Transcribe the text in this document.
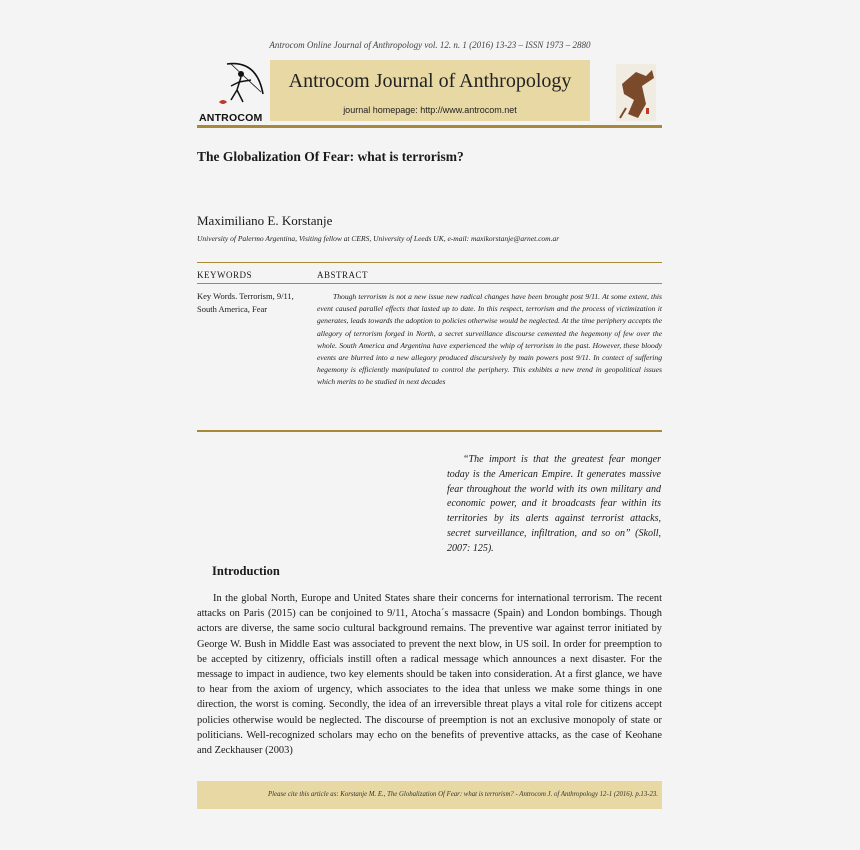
Antrocom Online Journal of Anthropology vol. 12. n. 1 (2016) 13-23 – ISSN 1973 – 2880
ANTROCOM
Antrocom Journal of Anthropology
journal homepage: http://www.antrocom.net
The Globalization Of Fear: what is terrorism?
Maximiliano E. Korstanje
University of Palermo Argentina, Visiting fellow at CERS, University of Leeds UK, e-mail: maxikorstanje@arnet.com.ar
KEYWORDS	ABSTRACT
Key Words. Terrorism, 9/11, South America, Fear
Though terrorism is not a new issue new radical changes have been brought post 9/11. At some extent, this event caused parallel effects that lasted up to date. In this respect, terrorism and the process of victimization it generates, leads towards the adoption to policies otherwise would be neglected. At the time periphery accepts the allegory of terrorism forged in North, a secret surveillance discourse cemented the hegemony of few over the whole. South America and Argentina have experienced the whip of terrorism in the past. However, these bloody events are blurred into a new allegory produced discursively by main powers post 9/11. In contect of suffering hegemony is efficiently manipulated to control the periphery. This exhibits a new trend in geopolitical issues which merits to be studied in next decades
“The import is that the greatest fear monger today is the American Empire. It generates massive fear throughout the world with its own military and economic power, and it broadcasts fear within its territories by its alerts against terrorist attacks, secret surveillance, infiltration, and so on” (Skoll, 2007: 125).
Introduction
In the global North, Europe and United States share their concerns for international terrorism. The recent attacks on Paris (2015) can be conjoined to 9/11, Atocha´s massacre (Spain) and London bombings. Though actors are diverse, the same socio cultural background remains. The preventive war against terror initiated by George W. Bush in Middle East was associated to prevent the next blow, in US soil. In order for preemption to be accepted by citizenry, officials instill often a radical message which announces a next disaster. For the message to impact in audience, two key elements should be taken into consideration. At a first glance, we have to hear from the axiom of urgency, which associates to the idea that unless we make some things in one direction, the worst is coming. Secondly, the idea of an irreversible threat plays a vital role for citizens accept policies otherwise would be neglected. The discourse of preemption is not an exclusive monopoly of state or politicians. Well-recognized scholars may echo on the benefits of preventive attacks, as the case of Keohane and Zeckhauser (2003)
Please cite this article as: Korstanje M. E., The Globalization Of Fear: what is terrorism? - Antrocom J. of Anthropology 12-1 (2016). p.13-23.
